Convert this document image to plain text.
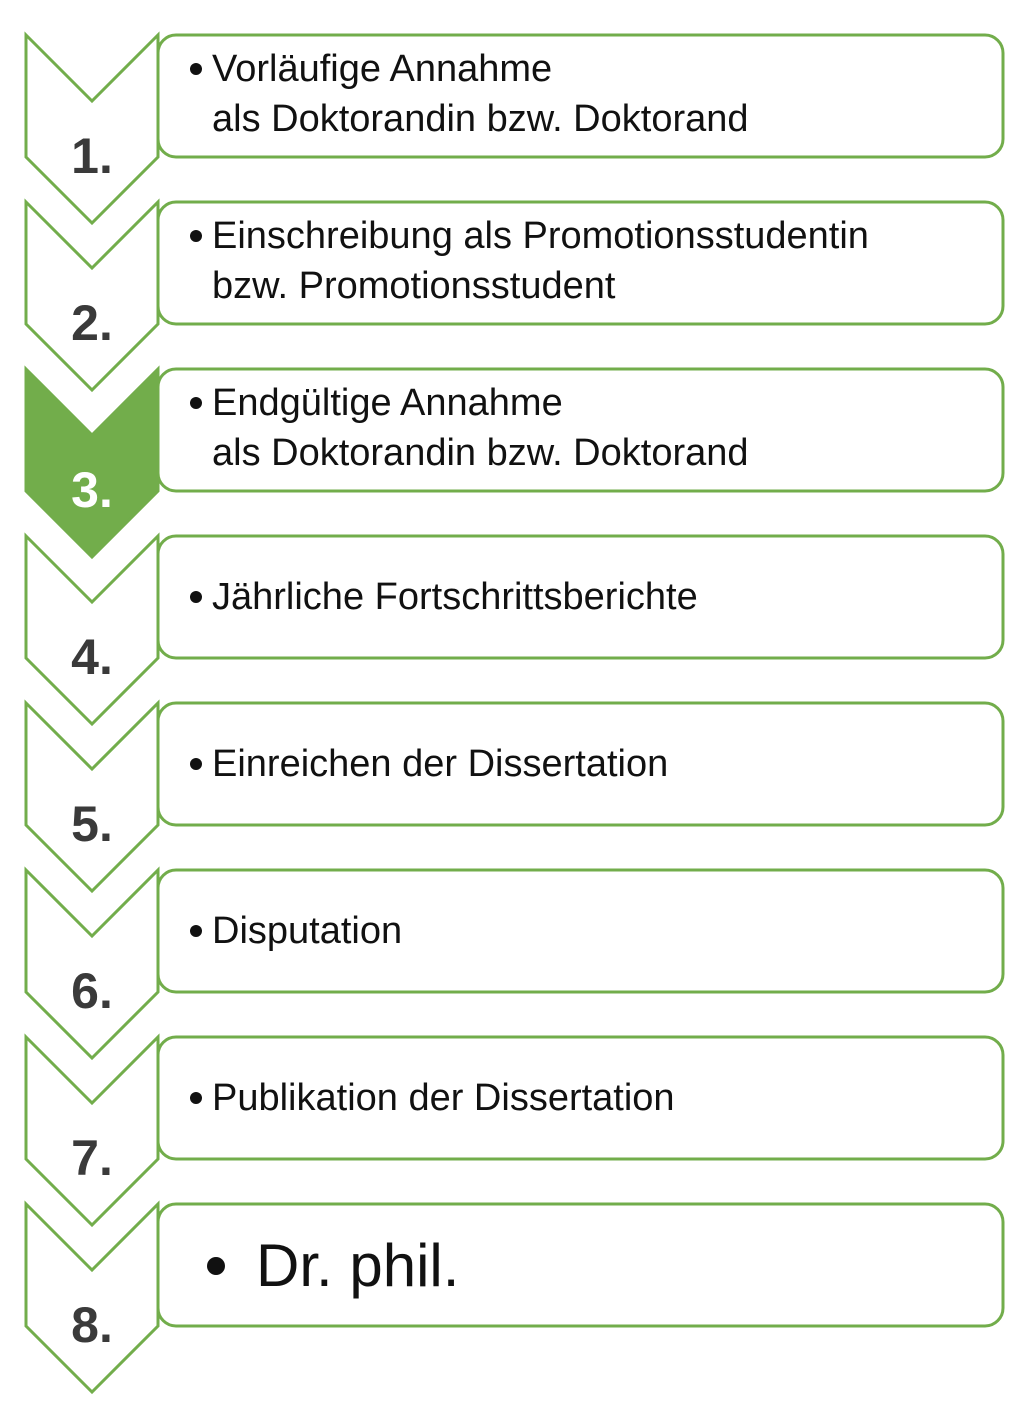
1.
2.
3.
4.
5.
6.
7.
8.
Vorläufige Annahme
als Doktorandin bzw. Doktorand
Einschreibung als Promotionsstudentin
bzw. Promotionsstudent
Endgültige Annahme
als Doktorandin bzw. Doktorand
Jährliche Fortschrittsberichte
Einreichen der Dissertation
Disputation
Publikation der Dissertation
Dr. phil.
